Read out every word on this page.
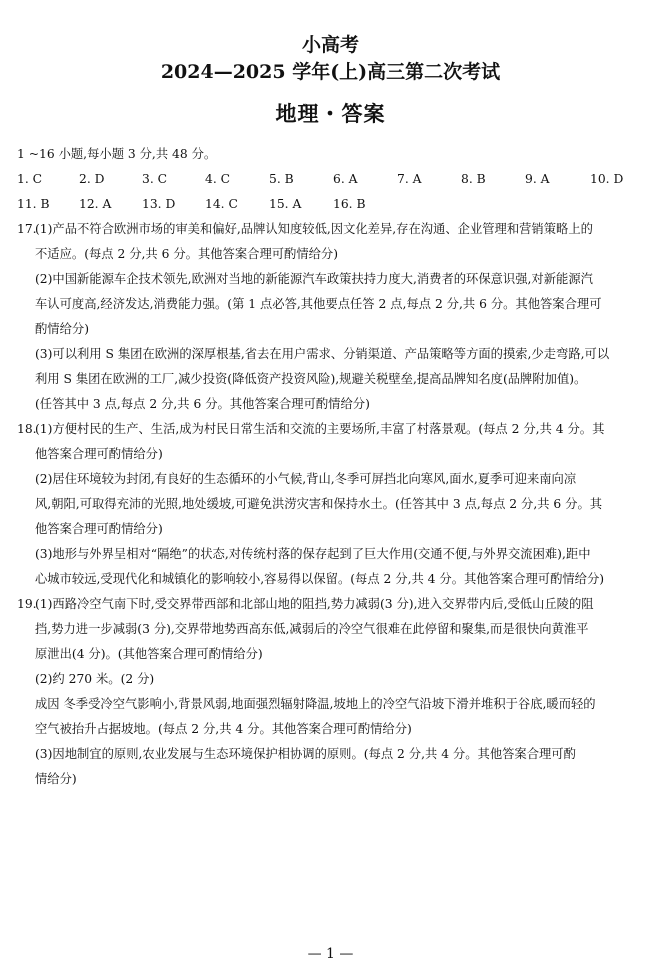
小高考
2024—2025 学年(上)高三第二次考试
地理・答案
1 ~16 小题,每小题 3 分,共 48 分。
1. C	2. D	3. C	4. C	5. B	6. A	7. A	8. B	9. A	10. D
11. B 12. A 13. D 14. C	15. A	16. B
17.(1)产品不符合欧洲市场的审美和偏好,品牌认知度较低,因文化差异,存在沟通、企业管理和营销策略上的
不适应。(每点 2 分,共 6 分。其他答案合理可酌情给分)
(2)中国新能源车企技术领先,欧洲对当地的新能源汽车政策扶持力度大,消费者的环保意识强,对新能源汽
车认可度高,经济发达,消费能力强。(第 1 点必答,其他要点任答 2 点,每点 2 分,共 6 分。其他答案合理可
酌情给分)
(3)可以利用 S 集团在欧洲的深厚根基,省去在用户需求、分销渠道、产品策略等方面的摸索,少走弯路,可以
利用 S 集团在欧洲的工厂,减少投资(降低资产投资风险),规避关税壁垒,提高品牌知名度(品牌附加值)。
(任答其中 3 点,每点 2 分,共 6 分。其他答案合理可酌情给分)
18.(1)方便村民的生产、生活,成为村民日常生活和交流的主要场所,丰富了村落景观。(每点 2 分,共 4 分。其
他答案合理可酌情给分)
(2)居住环境较为封闭,有良好的生态循环的小气候,背山,冬季可屏挡北向寒风,面水,夏季可迎来南向凉
风,朝阳,可取得充沛的光照,地处缓坡,可避免洪涝灾害和保持水土。(任答其中 3 点,每点 2 分,共 6 分。其
他答案合理可酌情给分)
(3)地形与外界呈相对“隔绝”的状态,对传统村落的保存起到了巨大作用(交通不便,与外界交流困难),距中
心城市较远,受现代化和城镇化的影响较小,容易得以保留。(每点 2 分,共 4 分。其他答案合理可酌情给分)
19.(1)西路冷空气南下时,受交界带西部和北部山地的阻挡,势力减弱(3 分),进入交界带内后,受低山丘陵的阻
挡,势力进一步减弱(3 分),交界带地势西高东低,减弱后的冷空气很难在此停留和聚集,而是很快向黄淮平
原泄出(4 分)。(其他答案合理可酌情给分)
(2)约 270 米。(2 分)
成因 冬季受冷空气影响小,背景风弱,地面强烈辐射降温,坡地上的冷空气沿坡下滑并堆积于谷底,暖而轻的
空气被抬升占据坡地。(每点 2 分,共 4 分。其他答案合理可酌情给分)
(3)因地制宜的原则,农业发展与生态环境保护相协调的原则。(每点 2 分,共 4 分。其他答案合理可酌
情给分)
— 1 —
